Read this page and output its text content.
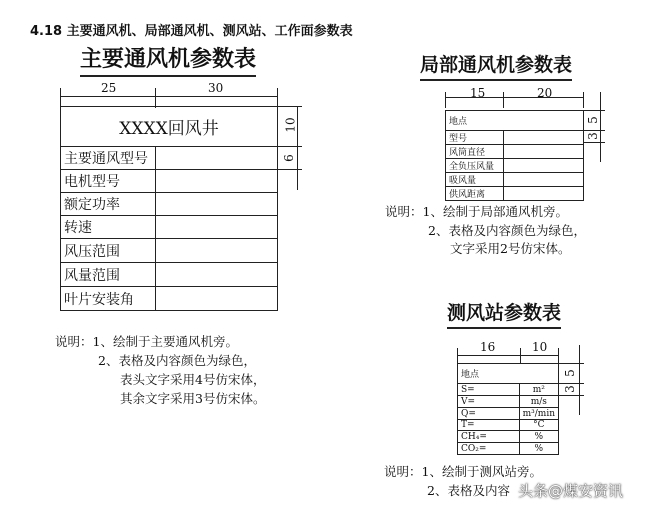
4.18 主要通风机、局部通风机、测风站、工作面参数表
主要通风机参数表
25	30
10
6
XXXX回风井	
主要通风型号	
电机型号	
额定功率	
转速	
风压范围	
风量范围	
叶片安装角	
说明：1、绘制于主要通风机旁。
2、表格及内容颜色为绿色，
表头文字采用4号仿宋体，
其余文字采用3号仿宋体。
局部通风机参数表
15	20
5
3
地点	
型号	
风筒直径	
全负压风量	
吸风量	
供风距离	
说明：1、绘制于局部通风机旁。
2、表格及内容颜色为绿色，
文字采用2号仿宋体。
测风站参数表
16	10
5
3
地点	
S=	m²
V=	m/s
Q=	m³/min
T=	°C
CH₄=	%
CO₂=	%
说明：1、绘制于测风站旁。
2、表格及内容 头条@煤安资讯
